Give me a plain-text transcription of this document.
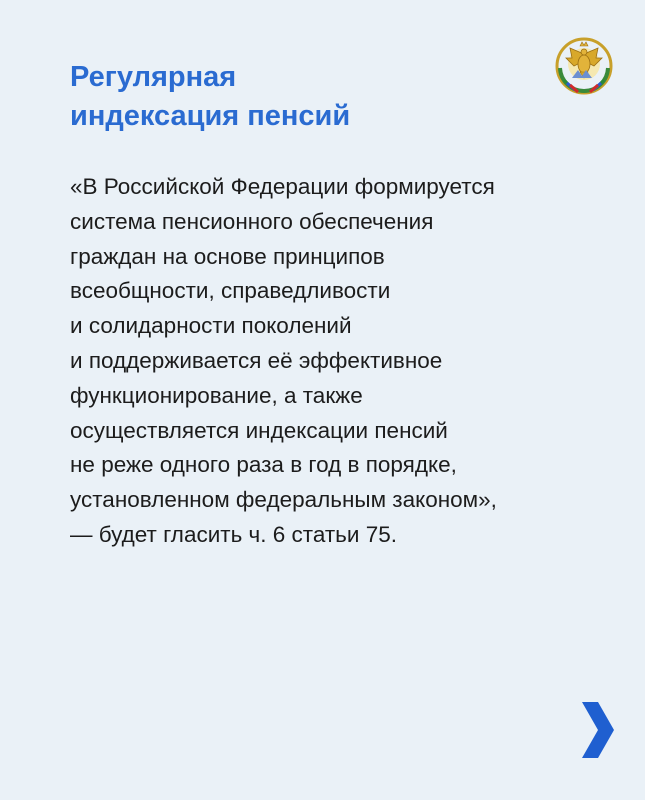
Регулярная
индексация пенсий
«В Российской Федерации формируется
система пенсионного обеспечения
граждан на основе принципов
всеобщности, справедливости
и солидарности поколений
и поддерживается её эффективное
функционирование, а также
осуществляется индексации пенсий
не реже одного раза в год в порядке,
установленном федеральным законом»,
— будет гласить ч. 6 статьи 75.
